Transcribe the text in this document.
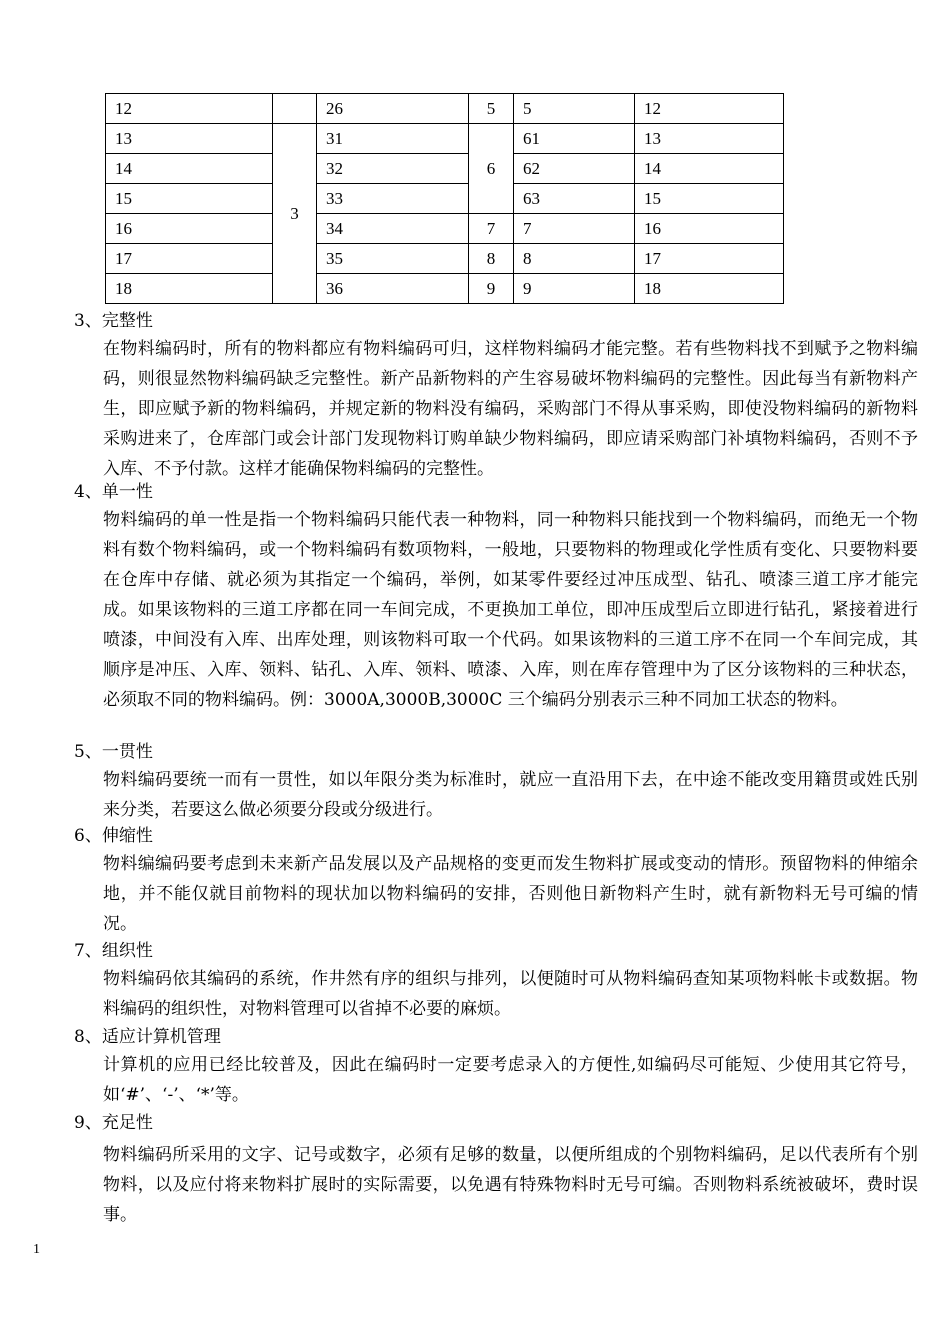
12		26	5	5	12
13	3	31	6	61	13
14		32		62	14
15		33		63	15
16		34	7	7	16
17		35	8	8	17
18		36	9	9	18
3、完整性
在物料编码时，所有的物料都应有物料编码可归，这样物料编码才能完整。若有些物料找不到赋予之物料编码，则很显然物料编码缺乏完整性。新产品新物料的产生容易破坏物料编码的完整性。因此每当有新物料产生，即应赋予新的物料编码，并规定新的物料没有编码，采购部门不得从事采购，即使没物料编码的新物料采购进来了，仓库部门或会计部门发现物料订购单缺少物料编码，即应请采购部门补填物料编码，否则不予入库、不予付款。这样才能确保物料编码的完整性。
4、单一性
物料编码的单一性是指一个物料编码只能代表一种物料，同一种物料只能找到一个物料编码，而绝无一个物料有数个物料编码，或一个物料编码有数项物料，一般地，只要物料的物理或化学性质有变化、只要物料要在仓库中存储、就必须为其指定一个编码，举例，如某零件要经过冲压成型、钻孔、喷漆三道工序才能完成。如果该物料的三道工序都在同一车间完成，不更换加工单位，即冲压成型后立即进行钻孔，紧接着进行喷漆，中间没有入库、出库处理，则该物料可取一个代码。如果该物料的三道工序不在同一个车间完成，其顺序是冲压、入库、领料、钻孔、入库、领料、喷漆、入库，则在库存管理中为了区分该物料的三种状态，必须取不同的物料编码。例：3000A,3000B,3000C 三个编码分别表示三种不同加工状态的物料。
5、一贯性
物料编码要统一而有一贯性，如以年限分类为标准时，就应一直沿用下去，在中途不能改变用籍贯或姓氏别来分类，若要这么做必须要分段或分级进行。
6、伸缩性
物料编编码要考虑到未来新产品发展以及产品规格的变更而发生物料扩展或变动的情形。预留物料的伸缩余地，并不能仅就目前物料的现状加以物料编码的安排，否则他日新物料产生时，就有新物料无号可编的情况。
7、组织性
物料编码依其编码的系统，作井然有序的组织与排列，以便随时可从物料编码查知某项物料帐卡或数据。物料编码的组织性，对物料管理可以省掉不必要的麻烦。
8、适应计算机管理
计算机的应用已经比较普及，因此在编码时一定要考虑录入的方便性,如编码尽可能短、少使用其它符号，如‘#’、‘-’、‘*’等。
9、充足性
物料编码所采用的文字、记号或数字，必须有足够的数量，以便所组成的个别物料编码，足以代表所有个别物料，以及应付将来物料扩展时的实际需要，以免遇有特殊物料时无号可编。否则物料系统被破坏，费时误事。
1
